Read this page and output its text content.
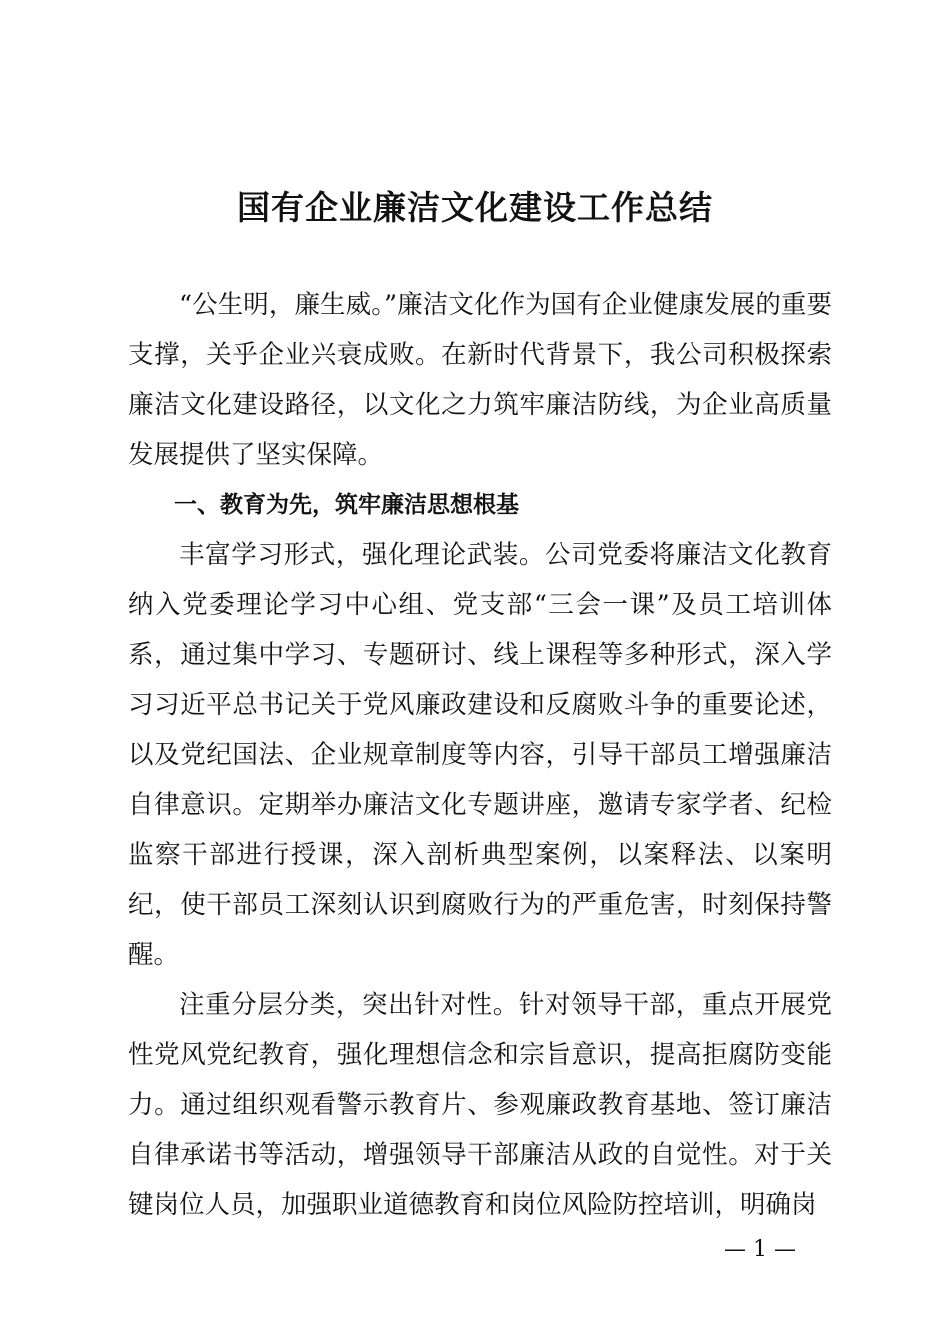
国有企业廉洁文化建设工作总结

“公生明，廉生威。”廉洁文化作为国有企业健康发展的重要支撑，关乎企业兴衰成败。在新时代背景下，我公司积极探索廉洁文化建设路径，以文化之力筑牢廉洁防线，为企业高质量发展提供了坚实保障。

一、教育为先，筑牢廉洁思想根基

丰富学习形式，强化理论武装。公司党委将廉洁文化教育纳入党委理论学习中心组、党支部“三会一课”及员工培训体系，通过集中学习、专题研讨、线上课程等多种形式，深入学习习近平总书记关于党风廉政建设和反腐败斗争的重要论述，以及党纪国法、企业规章制度等内容，引导干部员工增强廉洁自律意识。定期举办廉洁文化专题讲座，邀请专家学者、纪检监察干部进行授课，深入剖析典型案例，以案释法、以案明纪，使干部员工深刻认识到腐败行为的严重危害，时刻保持警醒。

注重分层分类，突出针对性。针对领导干部，重点开展党性党风党纪教育，强化理想信念和宗旨意识，提高拒腐防变能力。通过组织观看警示教育片、参观廉政教育基地、签订廉洁自律承诺书等活动，增强领导干部廉洁从政的自觉性。对于关键岗位人员，加强职业道德教育和岗位风险防控培训，明确岗

— 1 —
